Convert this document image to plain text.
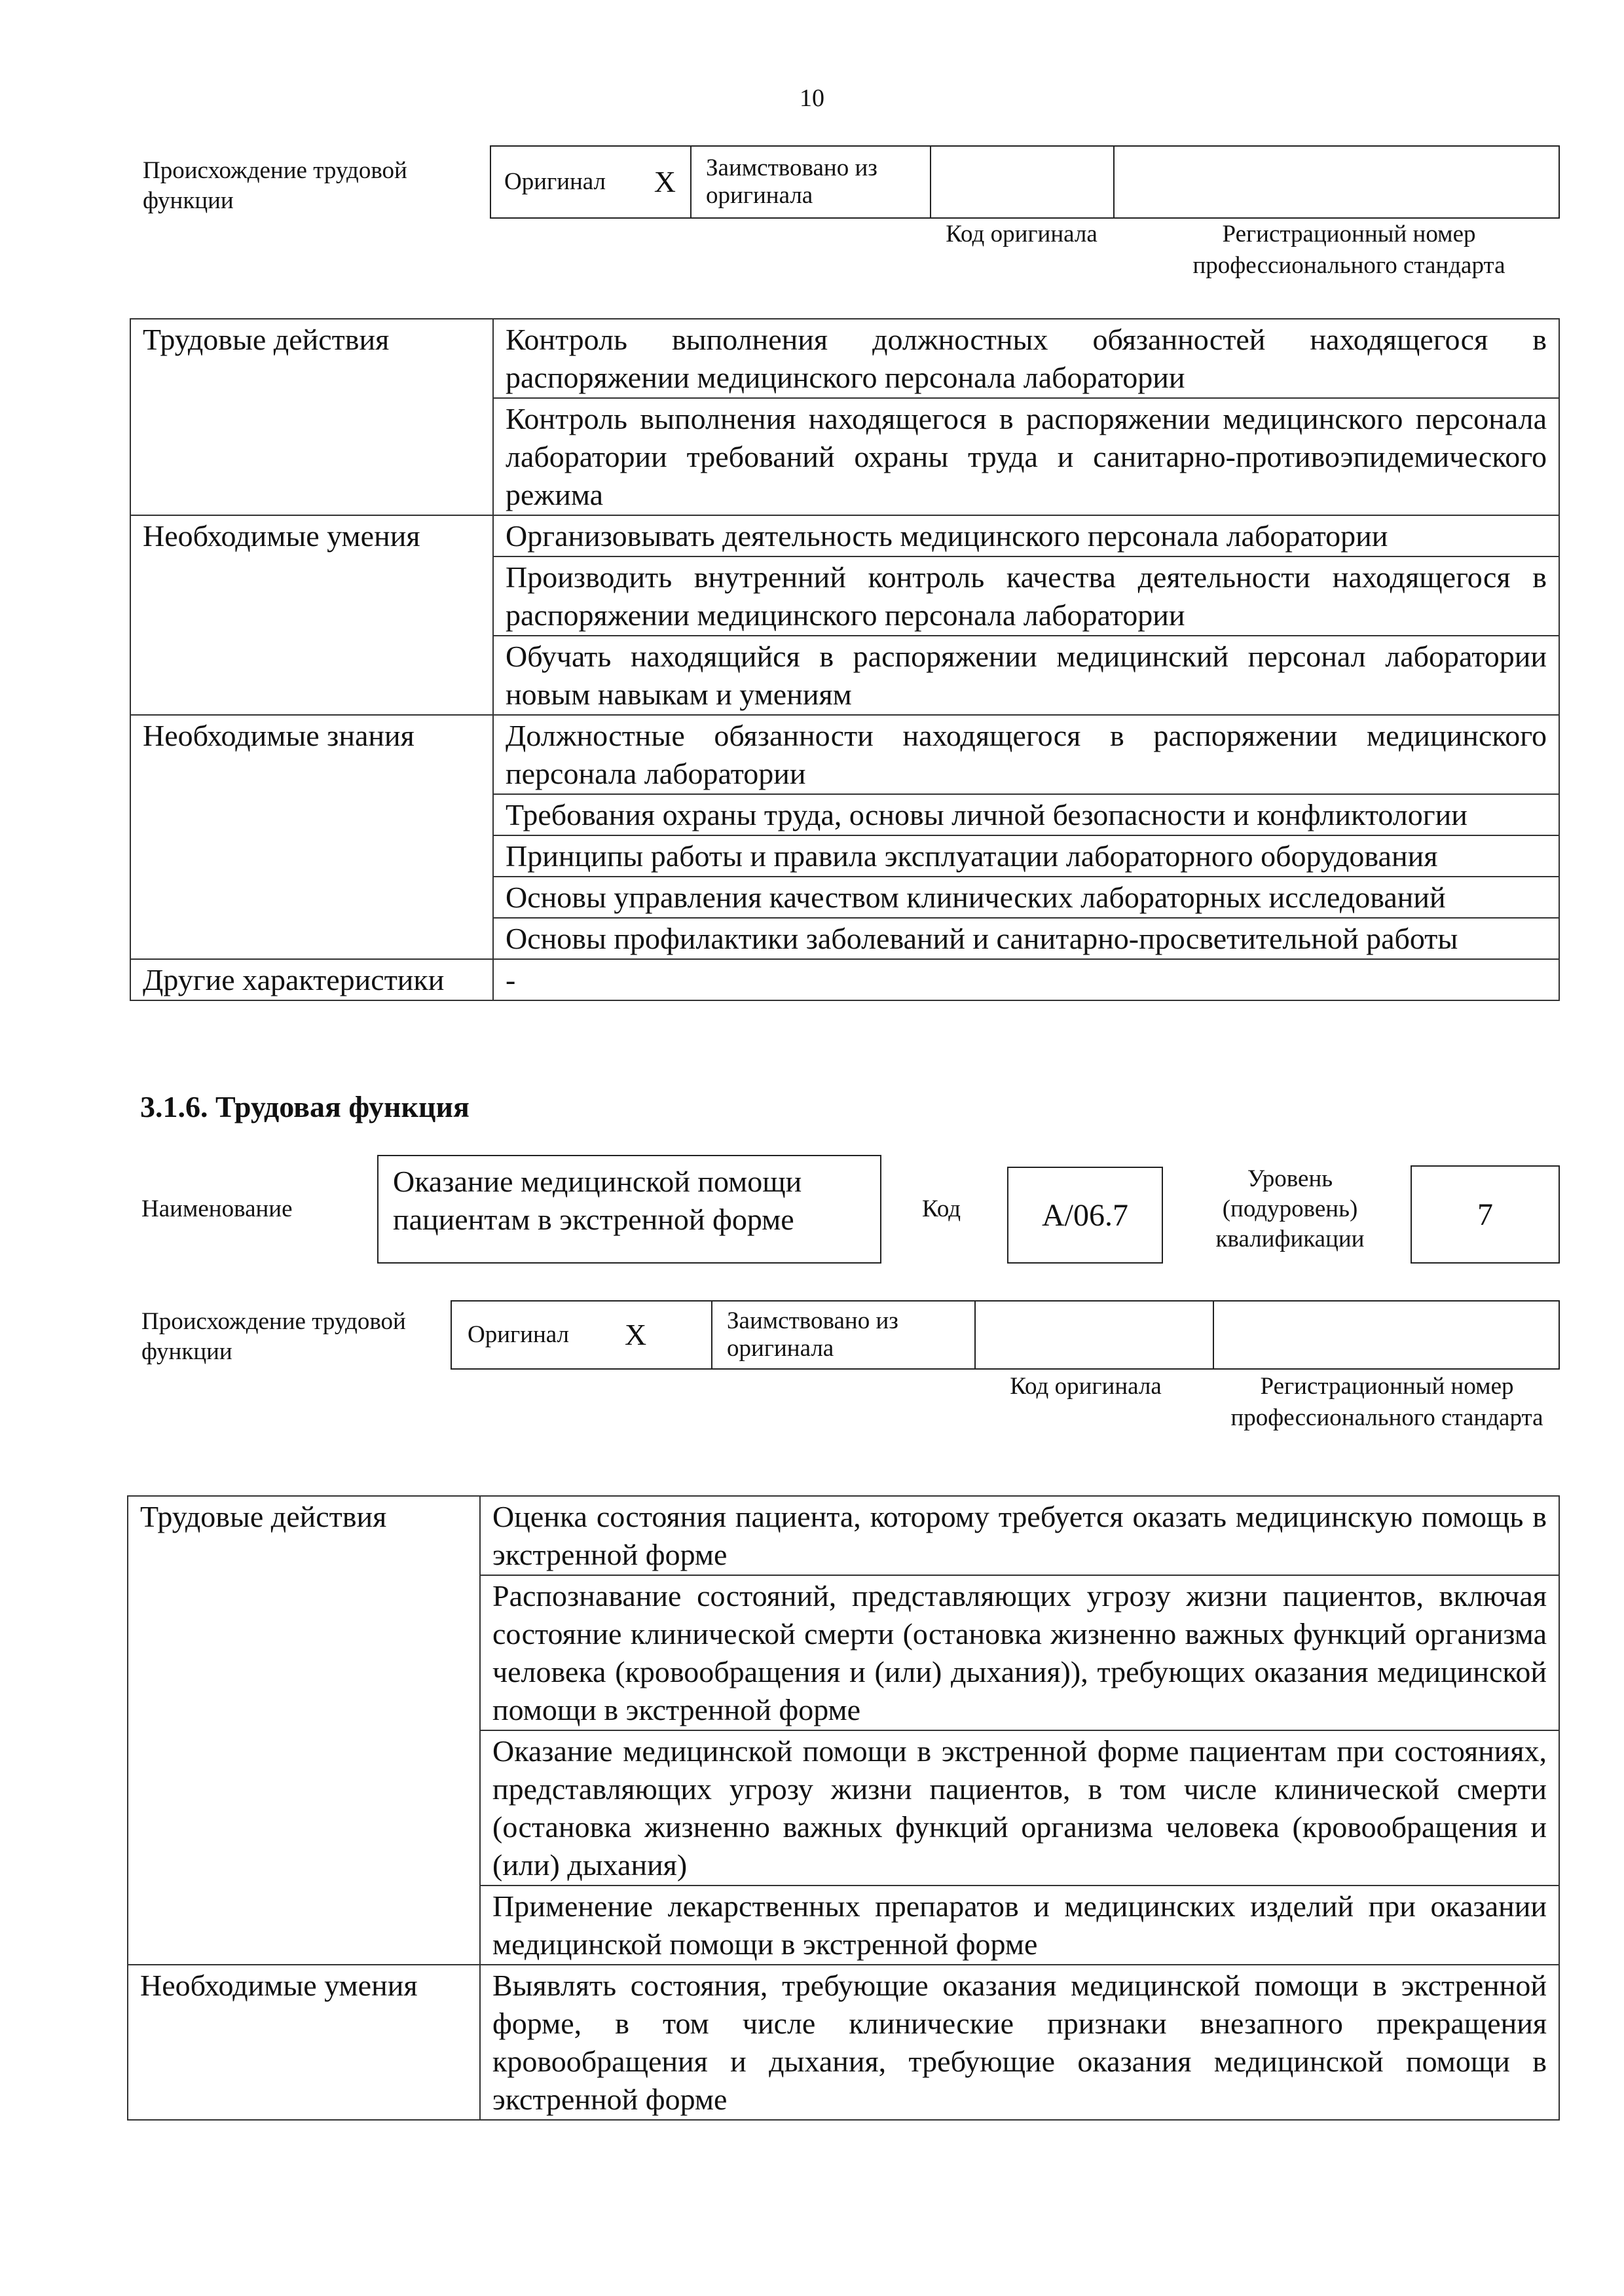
10
Происхождение трудовой функции
Оригинал X Заимствовано из оригинала
Код оригинала	Регистрационный номер профессионального стандарта
Трудовые действия	Контроль выполнения должностных обязанностей находящегося в распоряжении медицинского персонала лаборатории
	Контроль выполнения находящегося в распоряжении медицинского персонала лаборатории требований охраны труда и санитарно-противоэпидемического режима
Необходимые умения	Организовывать деятельность медицинского персонала лаборатории
	Производить внутренний контроль качества деятельности находящегося в распоряжении медицинского персонала лаборатории
	Обучать находящийся в распоряжении медицинский персонал лаборатории новым навыкам и умениям
Необходимые знания	Должностные обязанности находящегося в распоряжении медицинского персонала лаборатории
	Требования охраны труда, основы личной безопасности и конфликтологии
	Принципы работы и правила эксплуатации лабораторного оборудования
	Основы управления качеством клинических лабораторных исследований
	Основы профилактики заболеваний и санитарно-просветительной работы
Другие характеристики	-
3.1.6. Трудовая функция
Наименование
Оказание медицинской помощи пациентам в экстренной форме	Код	A/06.7
Уровень (подуровень) квалификации
7
Происхождение трудовой функции
Оригинал	X	Заимствовано из оригинала
Код оригинала	Регистрационный номер профессионального стандарта
Трудовые действия	Оценка состояния пациента, которому требуется оказать медицинскую помощь в экстренной форме
	Распознавание состояний, представляющих угрозу жизни пациентов, включая состояние клинической смерти (остановка жизненно важных функций организма человека (кровообращения и (или) дыхания)), требующих оказания медицинской помощи в экстренной форме
	Оказание медицинской помощи в экстренной форме пациентам при состояниях, представляющих угрозу жизни пациентов, в том числе клинической смерти (остановка жизненно важных функций организма человека (кровообращения и (или) дыхания)
	Применение лекарственных препаратов и медицинских изделий при оказании медицинской помощи в экстренной форме
Необходимые умения	Выявлять состояния, требующие оказания медицинской помощи в экстренной форме, в том числе клинические признаки внезапного прекращения кровообращения и дыхания, требующие оказания медицинской помощи в экстренной форме
